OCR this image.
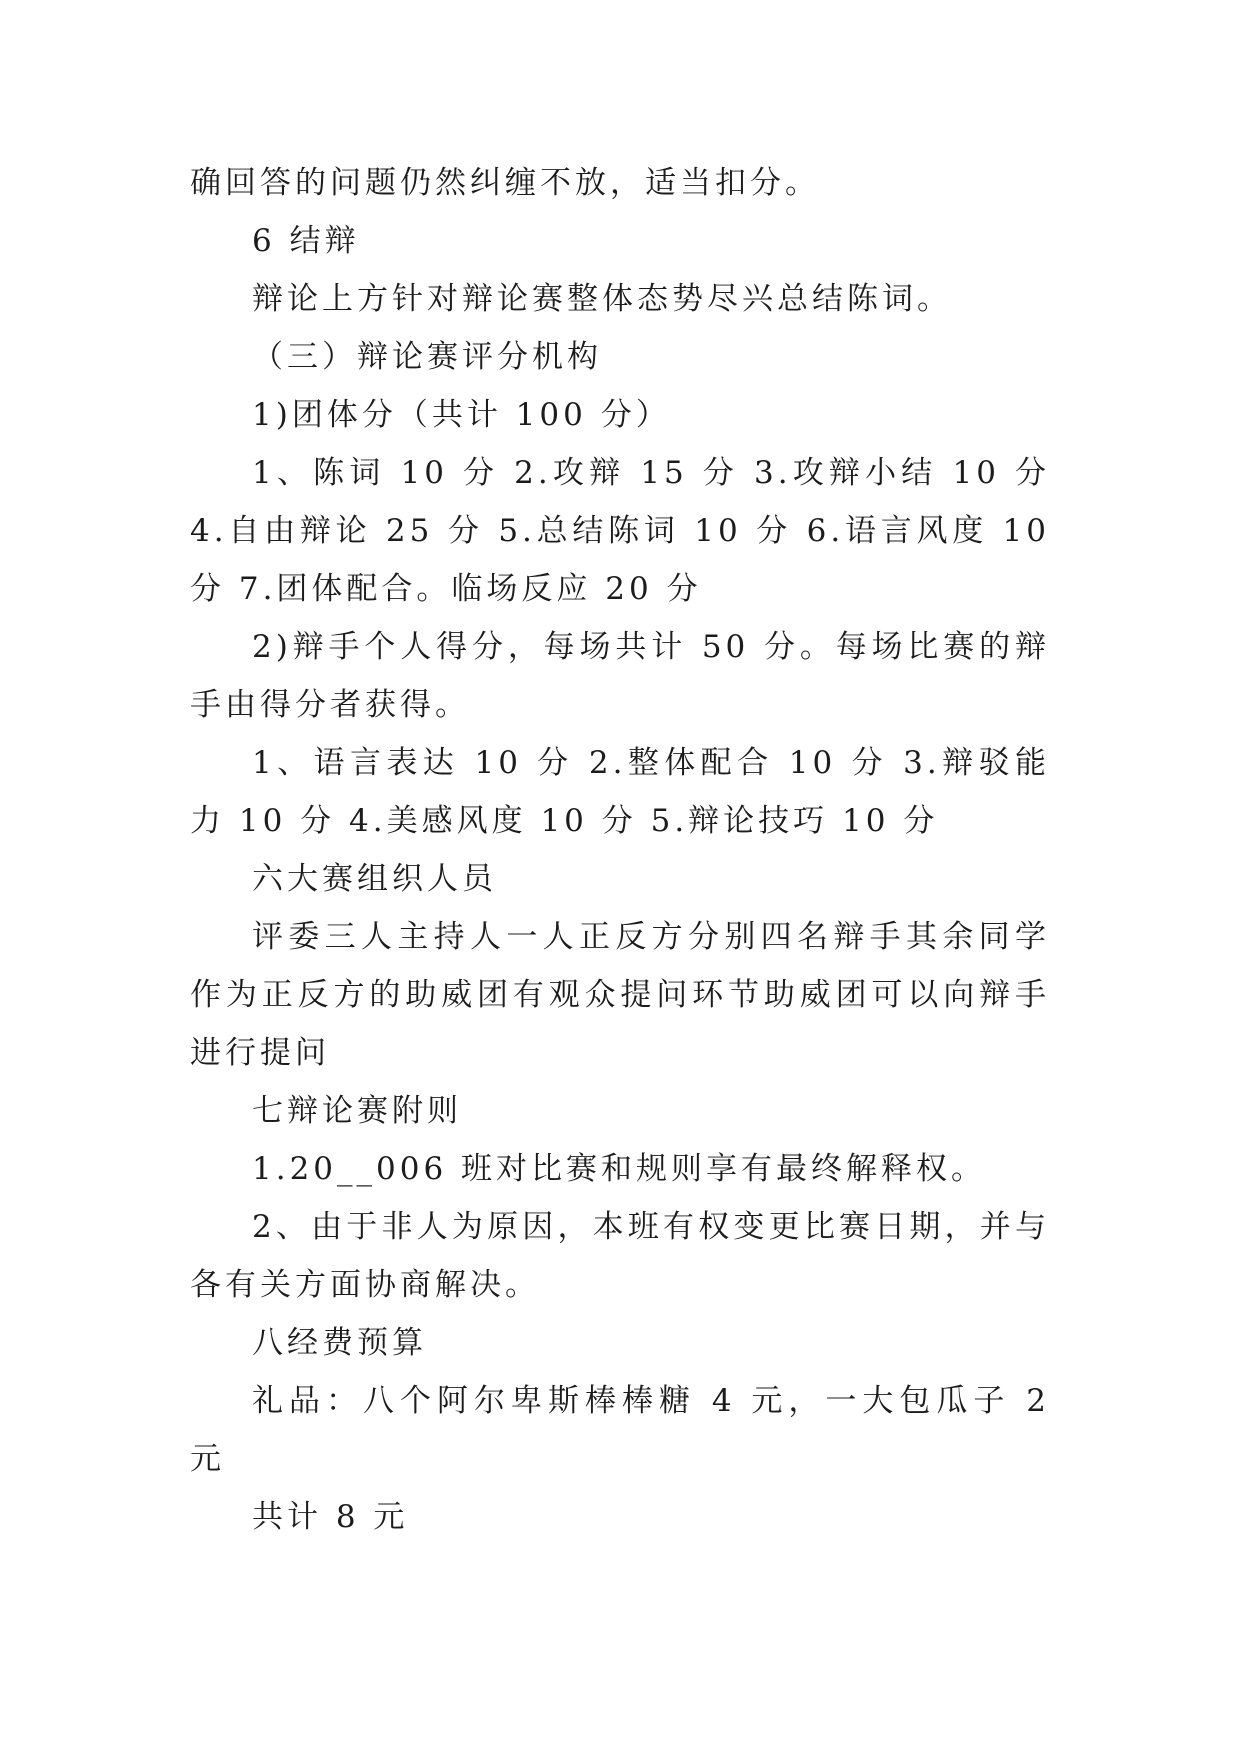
确回答的问题仍然纠缠不放，适当扣分。

6 结辩

辩论上方针对辩论赛整体态势尽兴总结陈词。

（三）辩论赛评分机构

1)团体分（共计 100 分）

1、陈词 10 分 2.攻辩 15 分 3.攻辩小结 10 分 4.自由辩论 25 分 5.总结陈词 10 分 6.语言风度 10 分 7.团体配合。临场反应 20 分

2)辩手个人得分，每场共计 50 分。每场比赛的辩手由得分者获得。

1、语言表达 10 分 2.整体配合 10 分 3.辩驳能力 10 分 4.美感风度 10 分 5.辩论技巧 10 分

六大赛组织人员

评委三人主持人一人正反方分别四名辩手其余同学作为正反方的助威团有观众提问环节助威团可以向辩手进行提问

七辩论赛附则

1.20__006 班对比赛和规则享有最终解释权。

2、由于非人为原因，本班有权变更比赛日期，并与各有关方面协商解决。

八经费预算

礼品：八个阿尔卑斯棒棒糖 4 元，一大包瓜子 2 元

共计 8 元
